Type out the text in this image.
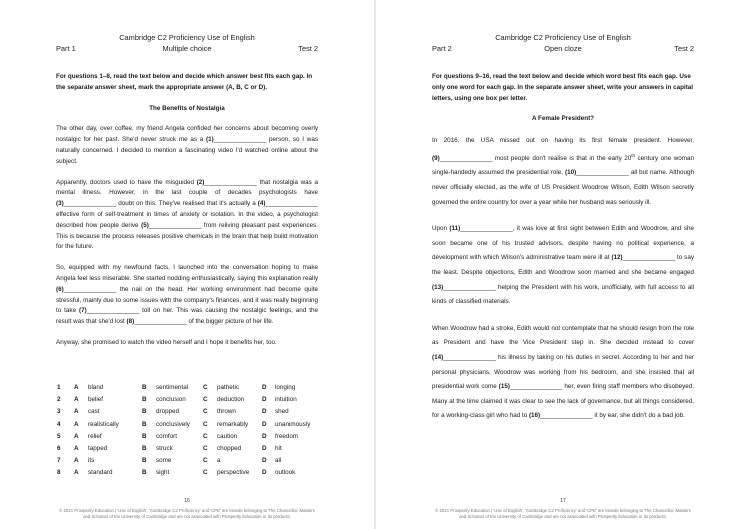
Cambridge C2 Proficiency Use of English
Part 1	Multiple choice	Test 2
For questions 1–8, read the text below and decide which answer best fits each gap. In the separate answer sheet, mark the appropriate answer (A, B, C or D).
The Benefits of Nostalgia
The other day, over coffee, my friend Angela confided her concerns about becoming overly nostalgic for her past. She'd never struck me as a (1)_______________ person, so I was naturally concerned. I decided to mention a fascinating video I'd watched online about the subject.
Apparently, doctors used to have the misguided (2)_______________ that nostalgia was a mental illness. However, in the last couple of decades psychologists have (3)_______________ doubt on this. They've realised that it's actually a (4)_______________ effective form of self-treatment in times of anxiety or isolation. In the video, a psychologist described how people derive (5)_______________ from reliving pleasant past experiences. This is because the process releases positive chemicals in the brain that help build motivation for the future.
So, equipped with my newfound facts, I launched into the conversation hoping to make Angela feel less miserable. She started nodding enthusiastically, saying this explanation really (6)_______________ the nail on the head. Her working environment had become quite stressful, mainly due to some issues with the company's finances, and it was really beginning to take (7)_______________ toll on her. This was causing the nostalgic feelings, and the result was that she'd lost (8)_______________ of the bigger picture of her life.
Anyway, she promised to watch the video herself and I hope it benefits her, too.
1 A bland	B sentimental C pathetic	D longing
2 A belief	B conclusion	C deduction	D intuition
3 A cast	B dropped	C thrown	D shed
4 A realistically	B conclusively C remarkably D unanimously
5 A relief	B comfort	C caution	D freedom
6 A tapped	B struck	C chopped	D hit
7 A its	B some	C a	D all
8 A standard	B sight	C perspective D outlook
16
© 2021 Prosperity Education | 'Use of English', 'Cambridge C2 Proficiency' and 'CPE' are brands belonging to The Chancellor, Masters and Scholars of the University of Cambridge and are not associated with Prosperity Education or its products.
Cambridge C2 Proficiency Use of English
Part 2	Open cloze	Test 2
For questions 9–16, read the text below and decide which word best fits each gap. Use only one word for each gap. In the separate answer sheet, write your answers in capital letters, using one box per letter.
A Female President?
In 2016, the USA missed out on having its first female president. However, (9)_______________ most people don't realise is that in the early 20th century one woman single-handedly assumed the presidential role, (10)_______________ all but name. Although never officially elected, as the wife of US President Woodrow Wilson, Edith Wilson secretly governed the entire country for over a year while her husband was seriously ill.
Upon (11)_______________, it was love at first sight between Edith and Woodrow, and she soon became one of his trusted advisors, despite having no political experience, a development with which Wilson's administrative team were ill at (12)_______________ to say the least. Despite objections, Edith and Woodrow soon married and she became engaged (13)_______________ helping the President with his work, unofficially, with full access to all kinds of classified materials.
When Woodrow had a stroke, Edith would not contemplate that he should resign from the role as President and have the Vice President step in. She decided instead to cover (14)_______________ his illness by taking on his duties in secret. According to her and her personal physicians, Woodrow was working from his bedroom, and she insisted that all presidential work come (15)_______________ her, even firing staff members who disobeyed. Many at the time claimed it was clear to see the lack of governance, but all things considered, for a working-class girl who had to (16)_______________ it by ear, she didn't do a bad job.
17
© 2021 Prosperity Education | 'Use of English', 'Cambridge C2 Proficiency' and 'CPE' are brands belonging to The Chancellor, Masters and Scholars of the University of Cambridge and are not associated with Prosperity Education or its products.
